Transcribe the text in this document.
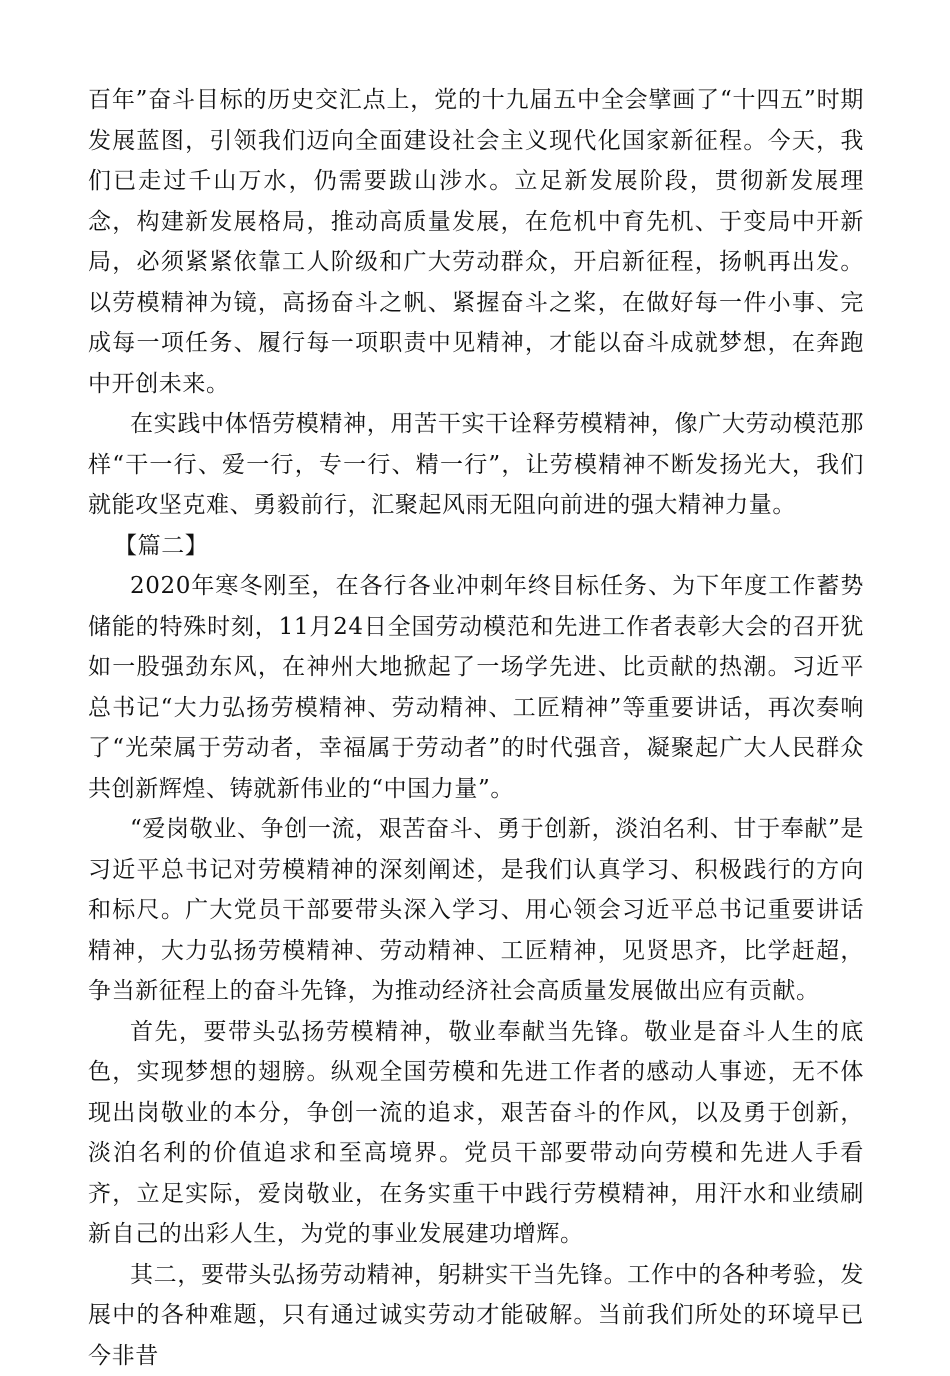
百年”奋斗目标的历史交汇点上，党的十九届五中全会擘画了“十四五”时期发展蓝图，引领我们迈向全面建设社会主义现代化国家新征程。今天，我们已走过千山万水，仍需要跋山涉水。立足新发展阶段，贯彻新发展理念，构建新发展格局，推动高质量发展，在危机中育先机、于变局中开新局，必须紧紧依靠工人阶级和广大劳动群众，开启新征程，扬帆再出发。以劳模精神为镜，高扬奋斗之帆、紧握奋斗之桨，在做好每一件小事、完成每一项任务、履行每一项职责中见精神，才能以奋斗成就梦想，在奔跑中开创未来。

在实践中体悟劳模精神，用苦干实干诠释劳模精神，像广大劳动模范那样“干一行、爱一行，专一行、精一行”，让劳模精神不断发扬光大，我们就能攻坚克难、勇毅前行，汇聚起风雨无阻向前进的强大精神力量。

【篇二】

2020年寒冬刚至，在各行各业冲刺年终目标任务、为下年度工作蓄势储能的特殊时刻，11月24日全国劳动模范和先进工作者表彰大会的召开犹如一股强劲东风，在神州大地掀起了一场学先进、比贡献的热潮。习近平总书记“大力弘扬劳模精神、劳动精神、工匠精神”等重要讲话，再次奏响了“光荣属于劳动者，幸福属于劳动者”的时代强音，凝聚起广大人民群众共创新辉煌、铸就新伟业的“中国力量”。

“爱岗敬业、争创一流，艰苦奋斗、勇于创新，淡泊名利、甘于奉献”是习近平总书记对劳模精神的深刻阐述，是我们认真学习、积极践行的方向和标尺。广大党员干部要带头深入学习、用心领会习近平总书记重要讲话精神，大力弘扬劳模精神、劳动精神、工匠精神，见贤思齐，比学赶超，争当新征程上的奋斗先锋，为推动经济社会高质量发展做出应有贡献。

首先，要带头弘扬劳模精神，敬业奉献当先锋。敬业是奋斗人生的底色，实现梦想的翅膀。纵观全国劳模和先进工作者的感动人事迹，无不体现出岗敬业的本分，争创一流的追求，艰苦奋斗的作风，以及勇于创新，淡泊名利的价值追求和至高境界。党员干部要带动向劳模和先进人手看齐，立足实际，爱岗敬业，在务实重干中践行劳模精神，用汗水和业绩刷新自己的出彩人生，为党的事业发展建功增辉。

其二，要带头弘扬劳动精神，躬耕实干当先锋。工作中的各种考验，发展中的各种难题，只有通过诚实劳动才能破解。当前我们所处的环境早已今非昔
